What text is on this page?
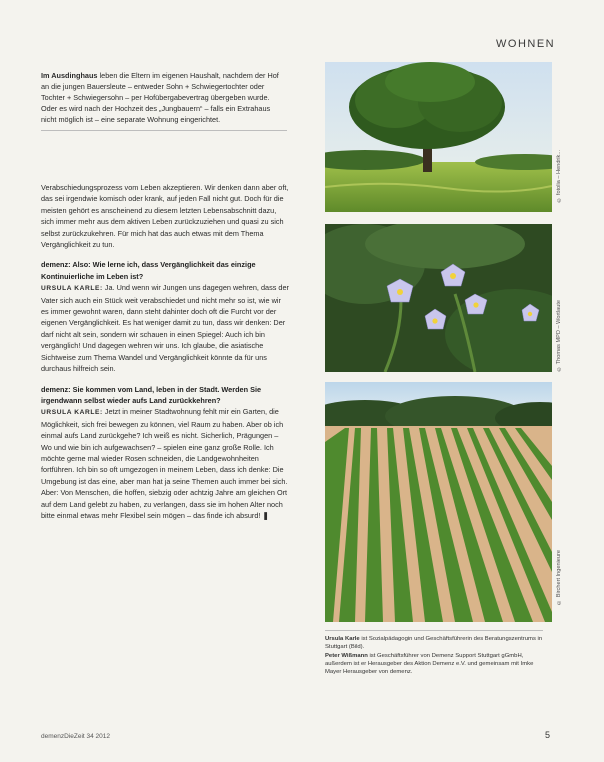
WOHNEN
Im Ausdinghaus leben die Eltern im eigenen Haushalt, nachdem der Hof an die jungen Bauersleute – entweder Sohn + Schwiegertochter oder Tochter + Schwiegersohn – per Hofübergabevertrag übergeben wurde. Oder es wird nach der Hochzeit des „Jungbauern“ – falls ein Extrahaus nicht möglich ist – eine separate Wohnung eingerichtet.

Verabschiedungsprozess vom Leben akzeptieren. Wir denken dann aber oft, das sei irgendwie komisch oder krank, auf jeden Fall nicht gut. Doch für die meisten gehört es anscheinend zu diesem letzten Lebensabschnitt dazu, sich immer mehr aus dem aktiven Leben zurückzuziehen und quasi zu sich selbst zurückzukehren. Für mich hat das auch etwas mit dem Thema Vergänglichkeit zu tun.

demenz: Also: Wie lerne ich, dass Vergänglichkeit das einzige Kontinuierliche im Leben ist?

URSULA KARLE: Ja. Und wenn wir Jungen uns dagegen wehren, dass der Vater sich auch ein Stück weit verabschiedet und nicht mehr so ist, wie wir es immer gewohnt waren, dann steht dahinter doch oft die Furcht vor der eigenen Vergänglichkeit. Es hat weniger damit zu tun, dass wir denken: Der darf nicht alt sein, sondern wir schauen in einen Spiegel: Auch ich bin vergänglich! Und dagegen wehren wir uns. Ich glaube, die asiatische Sichtweise zum Thema Wandel und Vergänglichkeit könnte da für uns durchaus hilfreich sein.

demenz: Sie kommen vom Land, leben in der Stadt. Werden Sie irgendwann selbst wieder aufs Land zurückkehren?

URSULA KARLE: Jetzt in meiner Stadtwohnung fehlt mir ein Garten, die Möglichkeit, sich frei bewegen zu können, viel Raum zu haben. Aber ob ich einmal aufs Land zurückgehe? Ich weiß es nicht. Sicherlich, Prägungen – Wo und wie bin ich aufgewachsen? – spielen eine ganz große Rolle. Ich möchte gerne mal wieder Rosen schneiden, die Landgewohnheiten fortführen. Ich bin so oft umgezogen in meinem Leben, dass ich denke: Die Umgebung ist das eine, aber man hat ja seine Themen auch immer bei sich. Aber: Von Menschen, die hoffen, siebzig oder achtzig Jahre am gleichen Ort auf dem Land gelebt zu haben, zu verlangen, dass sie im hohen Alter noch bitte einmal etwas mehr Flexibel sein mögen – das finde ich absurd! ❚

© fotolia – Hendrik...
© Thomas MPD – Wortlaute
© Birchert Ingenieure

Ursula Karle ist Sozialpädagogin und Geschäftsführerin des Beratungszentrums in Stuttgart (Bild).

Peter Wißmann ist Geschäftsführer von Demenz Support Stuttgart gGmbH, außerdem ist er Herausgeber des Aktion Demenz e.V. und gemeinsam mit Imke Mayer Herausgeber von demenz.

demenzDieZeit 34 2012	5
